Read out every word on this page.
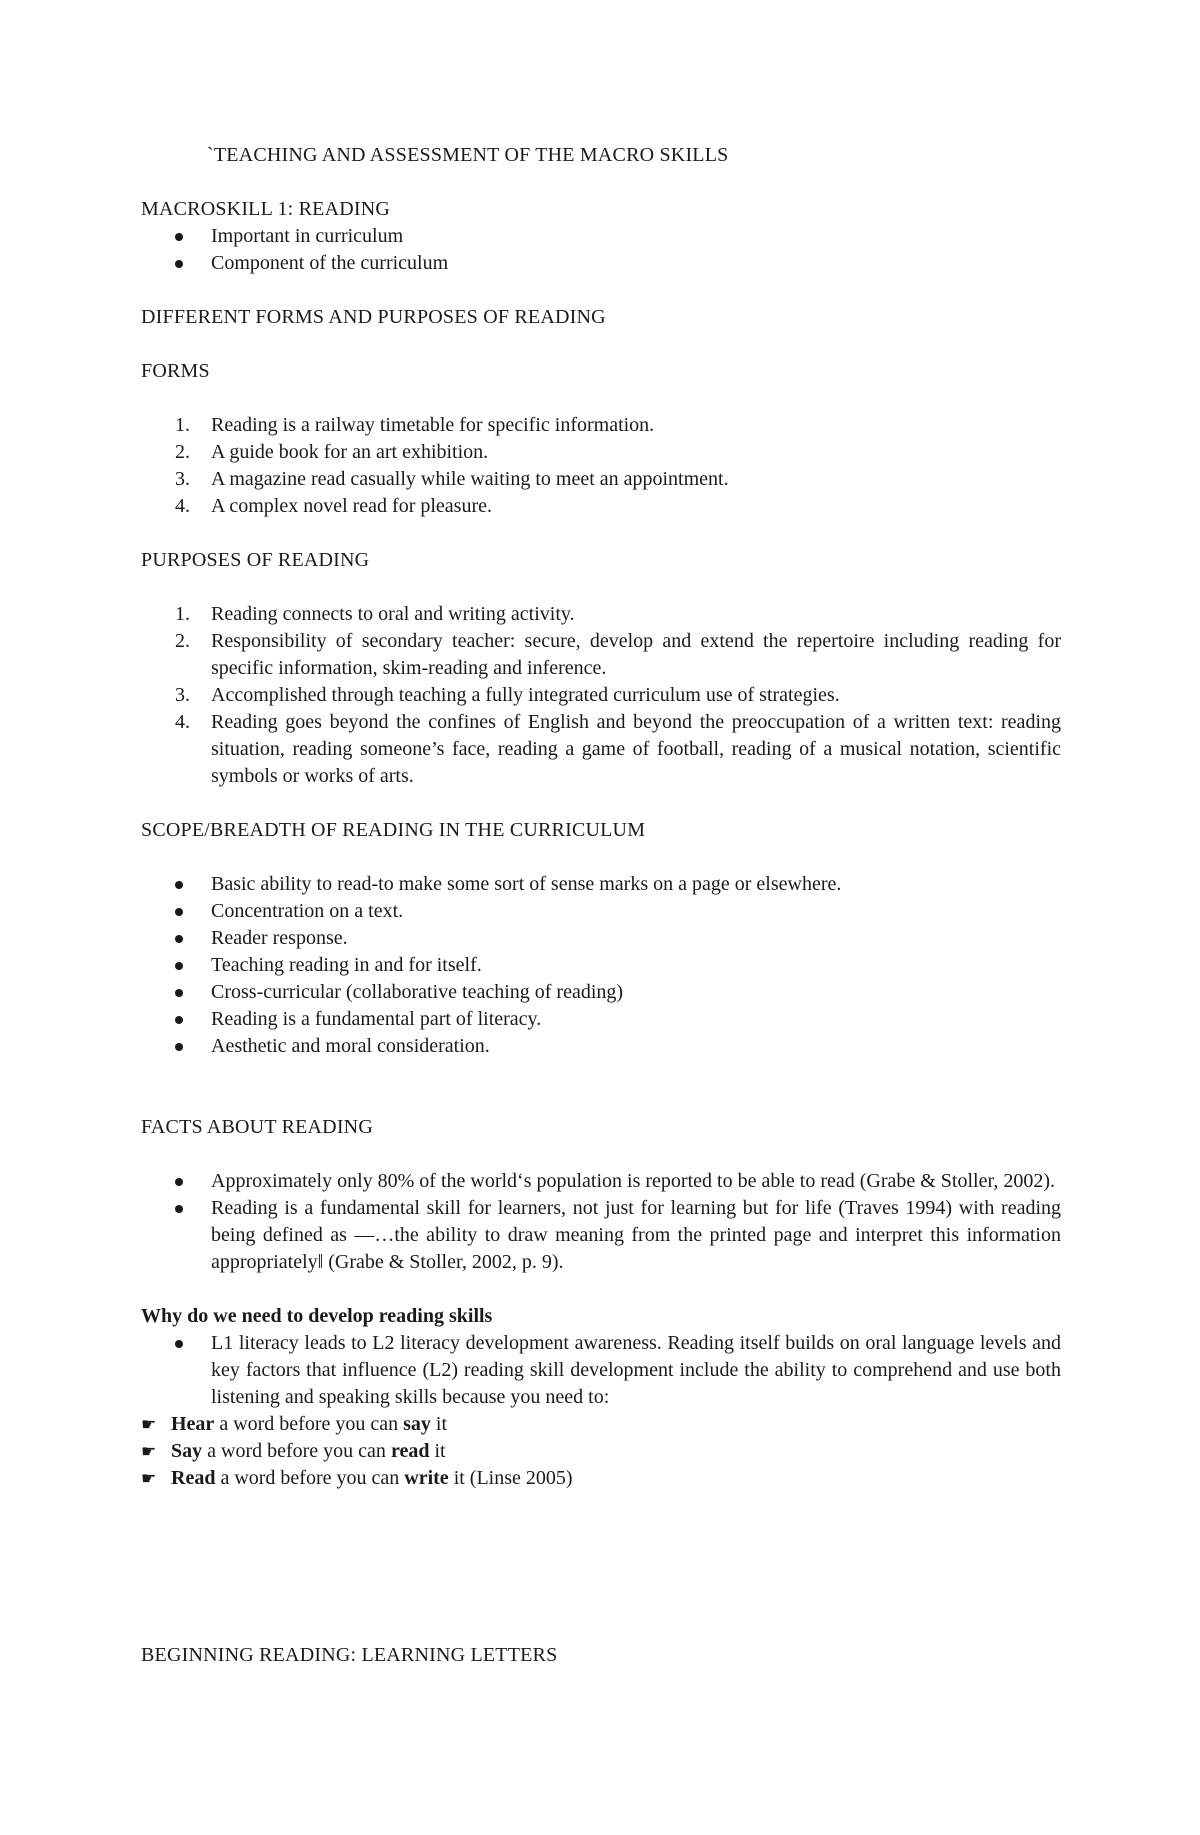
`TEACHING AND ASSESSMENT OF THE MACRO SKILLS

MACROSKILL 1: READING

Important in curriculum
Component of the curriculum

DIFFERENT FORMS AND PURPOSES OF READING

FORMS

1. Reading is a railway timetable for specific information.
2. A guide book for an art exhibition.
3. A magazine read casually while waiting to meet an appointment.
4. A complex novel read for pleasure.

PURPOSES OF READING

1. Reading connects to oral and writing activity.
2. Responsibility of secondary teacher: secure, develop and extend the repertoire including reading for specific information, skim-reading and inference.
3. Accomplished through teaching a fully integrated curriculum use of strategies.
4. Reading goes beyond the confines of English and beyond the preoccupation of a written text: reading situation, reading someone’s face, reading a game of football, reading of a musical notation, scientific symbols or works of arts.

SCOPE/BREADTH OF READING IN THE CURRICULUM

Basic ability to read-to make some sort of sense marks on a page or elsewhere.
Concentration on a text.
Reader response.
Teaching reading in and for itself.
Cross-curricular (collaborative teaching of reading)
Reading is a fundamental part of literacy.
Aesthetic and moral consideration.

FACTS ABOUT READING

Approximately only 80% of the world‘s population is reported to be able to read (Grabe & Stoller, 2002).
Reading is a fundamental skill for learners, not just for learning but for life (Traves 1994) with reading being defined as ―…the ability to draw meaning from the printed page and interpret this information appropriately‖ (Grabe & Stoller, 2002, p. 9).

Why do we need to develop reading skills

L1 literacy leads to L2 literacy development awareness. Reading itself builds on oral language levels and key factors that influence (L2) reading skill development include the ability to comprehend and use both listening and speaking skills because you need to:
☛ Hear a word before you can say it
☛ Say a word before you can read it
☛ Read a word before you can write it (Linse 2005)

BEGINNING READING: LEARNING LETTERS
